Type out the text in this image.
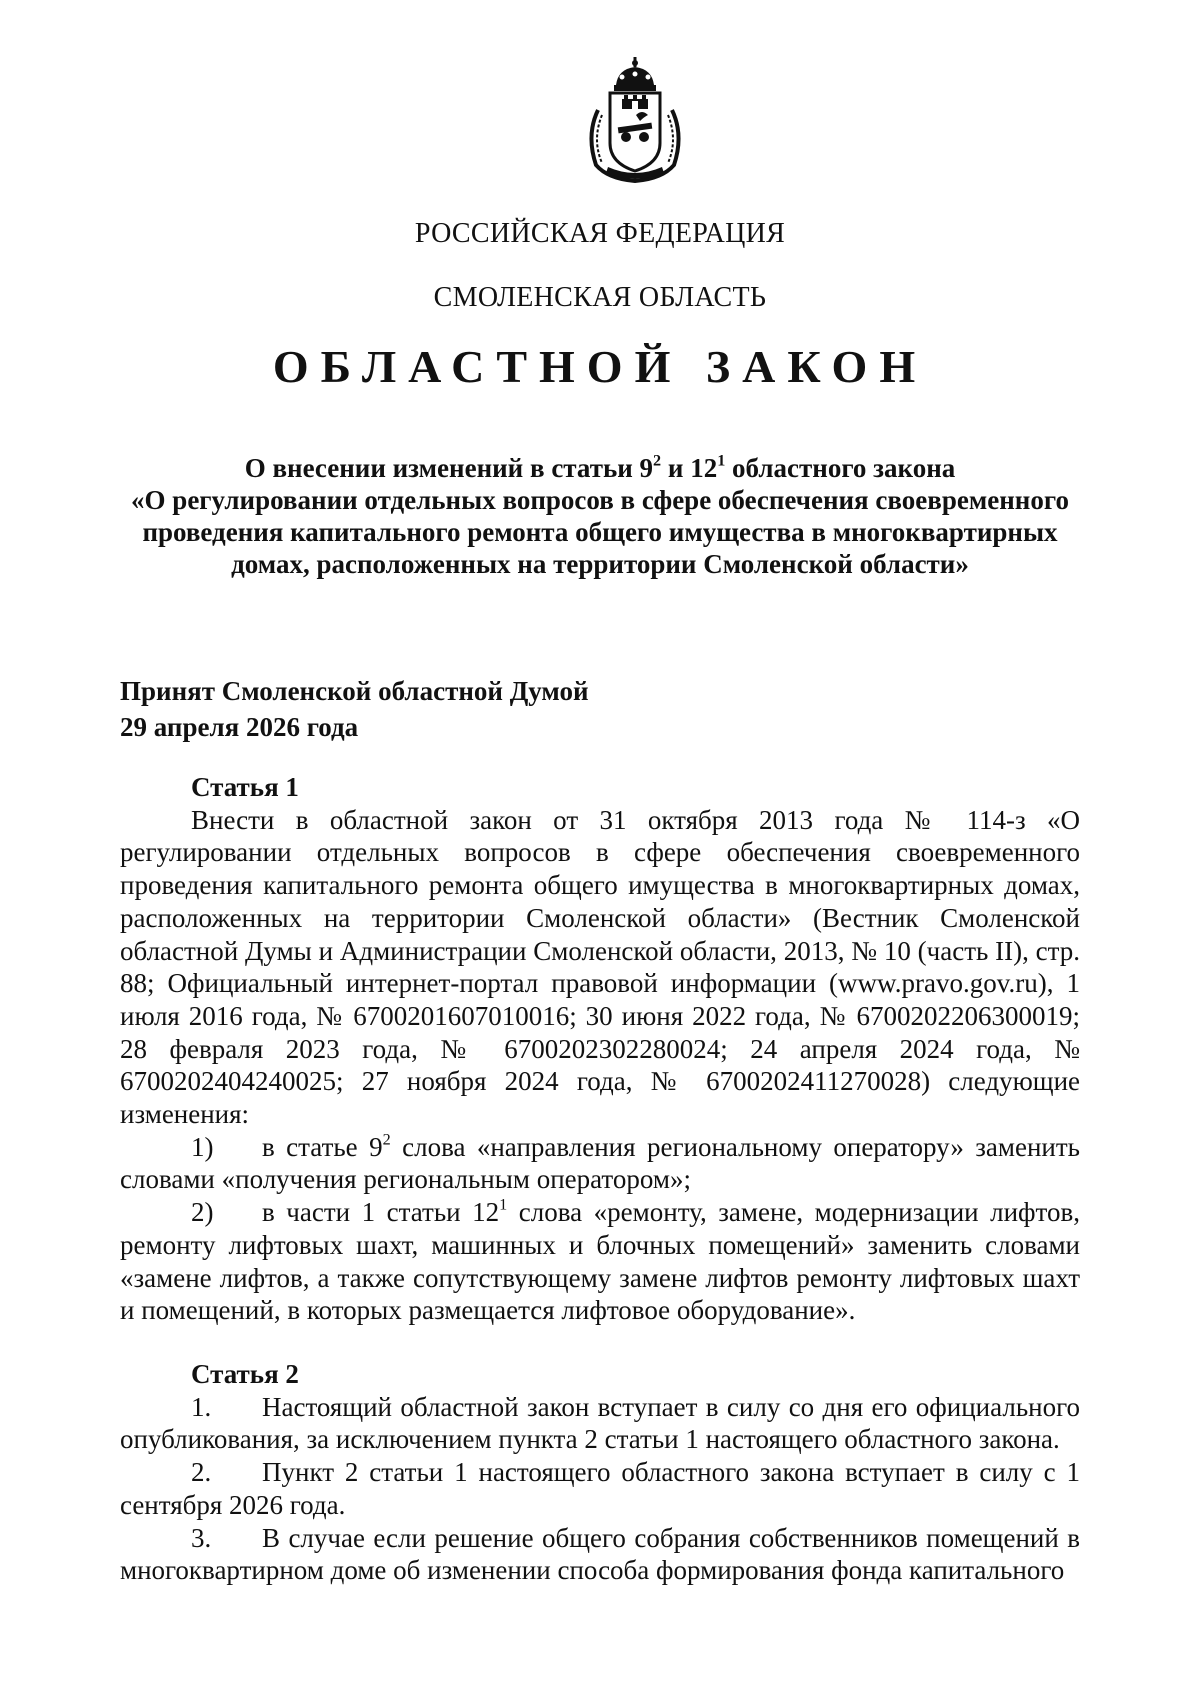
РОССИЙСКАЯ ФЕДЕРАЦИЯ
СМОЛЕНСКАЯ ОБЛАСТЬ
ОБЛАСТНОЙ ЗАКОН
О внесении изменений в статьи $9^2$ и $12^1$ областного закона
«О регулировании отдельных вопросов в сфере обеспечения своевременного проведения капитального ремонта общего имущества в многоквартирных домах, расположенных на территории Смоленской области»
Принят Смоленской областной Думой
29 апреля 2026 года
Статья 1

Внести в областной закон от 31 октября 2013 года № 114-з «О регулировании отдельных вопросов в сфере обеспечения своевременного проведения капитального ремонта общего имущества в многоквартирных домах, расположенных на территории Смоленской области» (Вестник Смоленской областной Думы и Администрации Смоленской области, 2013, № 10 (часть II), стр. 88; Официальный интернет-портал правовой информации (www.pravo.gov.ru), 1 июля 2016 года, № 6700201607010016; 30 июня 2022 года, № 6700202206300019; 28 февраля 2023 года, № 6700202302280024; 24 апреля 2024 года, № 6700202404240025; 27 ноября 2024 года, № 6700202411270028) следующие изменения:

1) в статье $9^2$ слова «направления региональному оператору» заменить словами «получения региональным оператором»;

2) в части 1 статьи $12^1$ слова «ремонту, замене, модернизации лифтов, ремонту лифтовых шахт, машинных и блочных помещений» заменить словами «замене лифтов, а также сопутствующему замене лифтов ремонту лифтовых шахт и помещений, в которых размещается лифтовое оборудование».

Статья 2

1. Настоящий областной закон вступает в силу со дня его официального опубликования, за исключением пункта 2 статьи 1 настоящего областного закона.

2. Пункт 2 статьи 1 настоящего областного закона вступает в силу с 1 сентября 2026 года.

3. В случае если решение общего собрания собственников помещений в многоквартирном доме об изменении способа формирования фонда капитального
